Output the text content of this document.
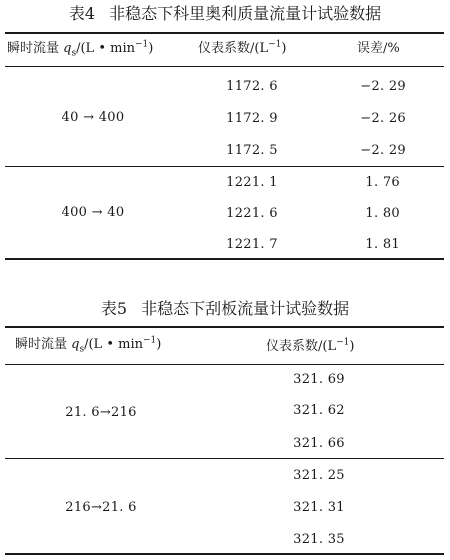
表4 非稳态下科里奥利质量流量计试验数据
瞬时流量 $q_s/(L$ • $\min^{-1}$)	仪表系数$/(L^{-1})$	误差/%
40 → 400
1172. 6	−2. 29
1172. 9	−2. 26
1172. 5	−2. 29
400 → 40
1221. 1	1. 76
1221. 6	1. 80
1221. 7	1. 81
表5 非稳态下刮板流量计试验数据
瞬时流量 $q_s/(L$ • $\min^{-1}$)	仪表系数$/(L^{-1})$
21. 6→216
321. 69
321. 62
321. 66
216→21. 6
321. 25
321. 31
321. 35
